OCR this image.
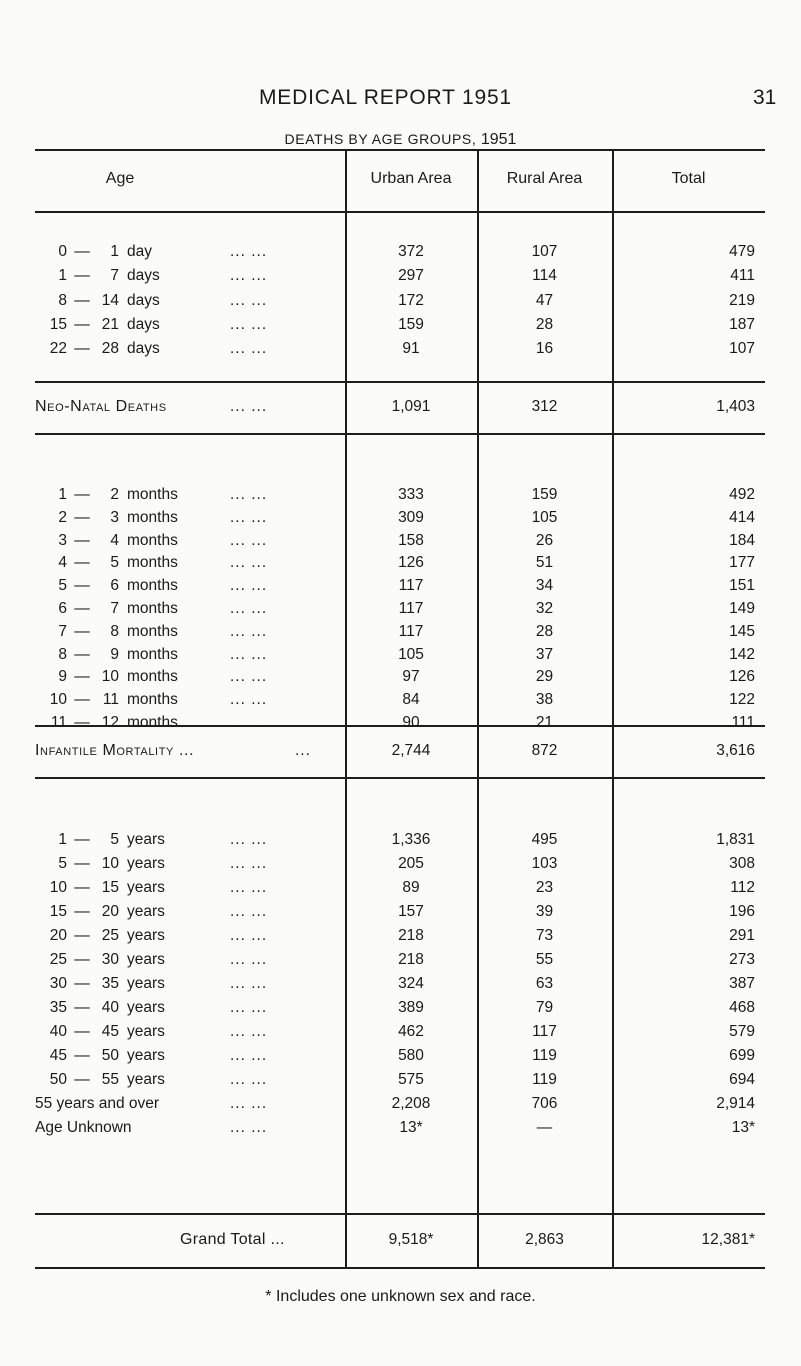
MEDICAL REPORT 1951	31
DEATHS BY AGE GROUPS, 1951
Age	Urban Area	Rural Area	Total
0 — 1 day	... ...	372	107	479
1 — 7 days	... ...	297	114	411
8 — 14 days	... ...	172	47	219
15 — 21 days	... ...	159	28	187
22 — 28 days	... ...	91	16	107
Neo-Natal Deaths	... ...	1,091	312	1,403
1 — 2 months	... ...	333	159	492
2 — 3 months	... ...	309	105	414
3 — 4 months	... ...	158	26	184
4 — 5 months	... ...	126	51	177
5 — 6 months	... ...	117	34	151
6 — 7 months	... ...	117	32	149
7 — 8 months	... ...	117	28	145
8 — 9 months	... ...	105	37	142
9 — 10 months	... ...	97	29	126
10 — 11 months	... ...	84	38	122
11 — 12 months	... ...	90	21	111
Infantile Mortality ...	...	2,744	872	3,616
1 — 5 years	... ...	1,336	495	1,831
5 — 10 years	... ...	205	103	308
10 — 15 years	... ...	89	23	112
15 — 20 years	... ...	157	39	196
20 — 25 years	... ...	218	73	291
25 — 30 years	... ...	218	55	273
30 — 35 years	... ...	324	63	387
35 — 40 years	... ...	389	79	468
40 — 45 years	... ...	462	117	579
45 — 50 years	... ...	580	119	699
50 — 55 years	... ...	575	119	694
55 years and over	... ...	2,208	706	2,914
Age Unknown	... ...	13*	—	13*
Grand Total ...	9,518*	2,863	12,381*
* Includes one unknown sex and race.
